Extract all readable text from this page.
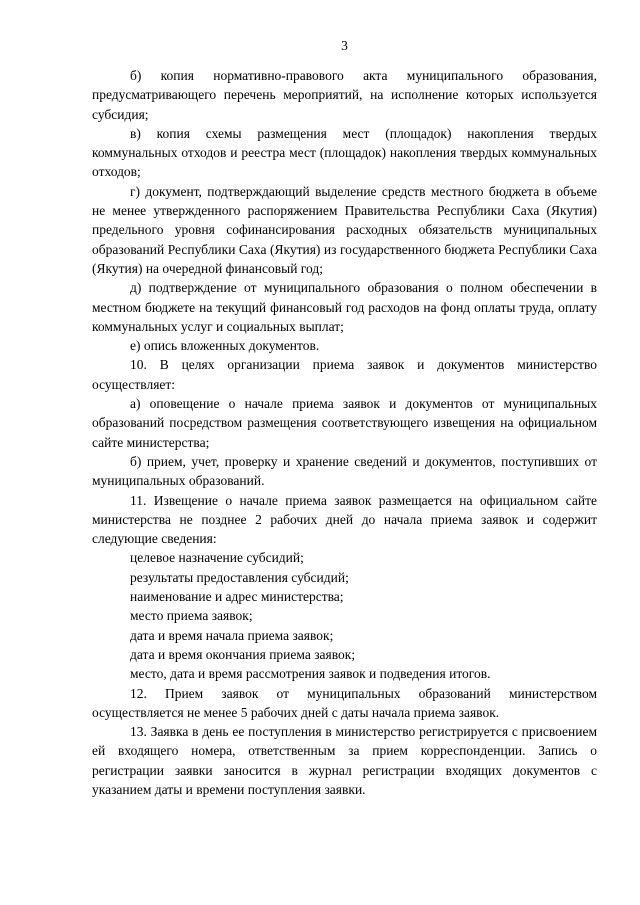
3

б) копия нормативно-правового акта муниципального образования, предусматривающего перечень мероприятий, на исполнение которых используется субсидия;

в) копия схемы размещения мест (площадок) накопления твердых коммунальных отходов и реестра мест (площадок) накопления твердых коммунальных отходов;

г) документ, подтверждающий выделение средств местного бюджета в объеме не менее утвержденного распоряжением Правительства Республики Саха (Якутия) предельного уровня софинансирования расходных обязательств муниципальных образований Республики Саха (Якутия) из государственного бюджета Республики Саха (Якутия) на очередной финансовый год;

д) подтверждение от муниципального образования о полном обеспечении в местном бюджете на текущий финансовый год расходов на фонд оплаты труда, оплату коммунальных услуг и социальных выплат;

е) опись вложенных документов.

10. В целях организации приема заявок и документов министерство осуществляет:

а) оповещение о начале приема заявок и документов от муниципальных образований посредством размещения соответствующего извещения на официальном сайте министерства;

б) прием, учет, проверку и хранение сведений и документов, поступивших от муниципальных образований.

11. Извещение о начале приема заявок размещается на официальном сайте министерства не позднее 2 рабочих дней до начала приема заявок и содержит следующие сведения:

целевое назначение субсидий;

результаты предоставления субсидий;

наименование и адрес министерства;

место приема заявок;

дата и время начала приема заявок;

дата и время окончания приема заявок;

место, дата и время рассмотрения заявок и подведения итогов.

12. Прием заявок от муниципальных образований министерством осуществляется не менее 5 рабочих дней с даты начала приема заявок.

13. Заявка в день ее поступления в министерство регистрируется с присвоением ей входящего номера, ответственным за прием корреспонденции. Запись о регистрации заявки заносится в журнал регистрации входящих документов с указанием даты и времени поступления заявки.
